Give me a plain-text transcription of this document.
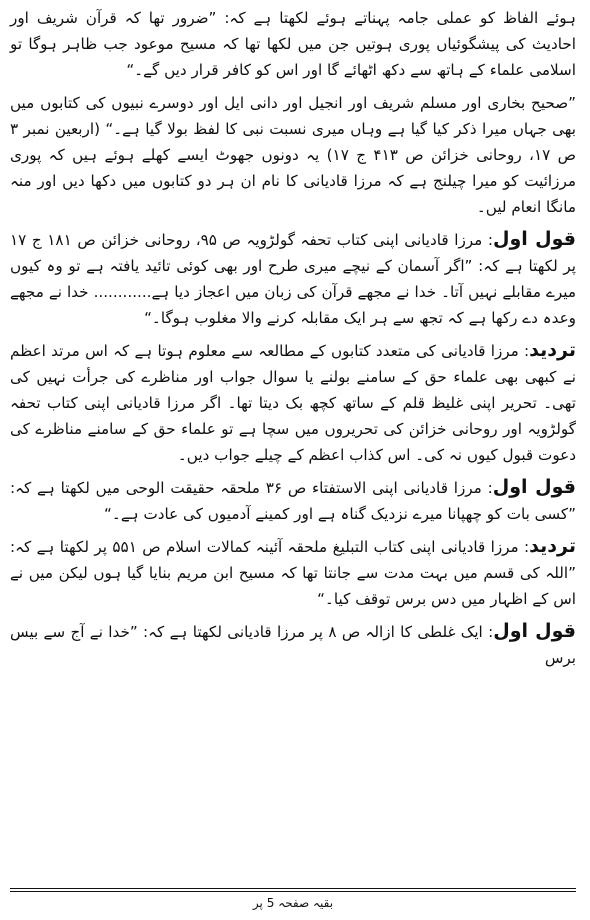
ہوئے الفاظ کو عملی جامہ پہناتے ہوئے لکھتا ہے کہ: ”ضرور تھا کہ قرآن شریف اور احادیث کی پیشگوئیاں پوری ہوتیں جن میں لکھا تھا کہ مسیح موعود جب ظاہر ہوگا تو اسلامی علماء کے ہاتھ سے دکھ اٹھائے گا اور اس کو کافر قرار دیں گے۔“

”صحیح بخاری اور مسلم شریف اور انجیل اور دانی ایل اور دوسرے نبیوں کی کتابوں میں بھی جہاں میرا ذکر کیا گیا ہے وہاں میری نسبت نبی کا لفظ بولا گیا ہے۔“ (اربعین نمبر ۳ ص ۱۷، روحانی خزائن ص ۴۱۳ ج ۱۷) یہ دونوں جھوٹ ایسے کھلے ہوئے ہیں کہ پوری مرزائیت کو میرا چیلنج ہے کہ مرزا قادیانی کا نام ان ہر دو کتابوں میں دکھا دیں اور منہ مانگا انعام لیں۔

قول اول: مرزا قادیانی اپنی کتاب تحفہ گولڑویہ ص ۹۵، روحانی خزائن ص ۱۸۱ ج ۱۷ پر لکھتا ہے کہ: ”اگر آسمان کے نیچے میری طرح اور بھی کوئی تائید یافتہ ہے تو وہ کیوں میرے مقابلے نہیں آتا۔ خدا نے مجھے قرآن کی زبان میں اعجاز دیا ہے............ خدا نے مجھے وعدہ دے رکھا ہے کہ تجھ سے ہر ایک مقابلہ کرنے والا مغلوب ہوگا۔“

تردید: مرزا قادیانی کی متعدد کتابوں کے مطالعہ سے معلوم ہوتا ہے کہ اس مرتد اعظم نے کبھی بھی علماء حق کے سامنے بولنے یا سوال جواب اور مناظرے کی جرأت نہیں کی تھی۔ تحریر اپنی غلیظ قلم کے ساتھ کچھ بک دیتا تھا۔ اگر مرزا قادیانی اپنی کتاب تحفہ گولڑویہ اور روحانی خزائن کی تحریروں میں سچا ہے تو علماء حق کے سامنے مناظرے کی دعوت قبول کیوں نہ کی۔ اس کذاب اعظم کے چیلے جواب دیں۔

قول اول: مرزا قادیانی اپنی الاستفتاء ص ۳۶ ملحقہ حقیقت الوحی میں لکھتا ہے کہ: ”کسی بات کو چھپانا میرے نزدیک گناہ ہے اور کمینے آدمیوں کی عادت ہے۔“

تردید: مرزا قادیانی اپنی کتاب التبلیغ ملحقہ آئینہ کمالات اسلام ص ۵۵۱ پر لکھتا ہے کہ: ”اللہ کی قسم میں بہت مدت سے جانتا تھا کہ مسیح ابن مریم بنایا گیا ہوں لیکن میں نے اس کے اظہار میں دس برس توقف کیا۔“

قول اول: ایک غلطی کا ازالہ ص ۸ پر مرزا قادیانی لکھتا ہے کہ: ”خدا نے آج سے بیس برس

بقیہ صفحہ 5 پر
